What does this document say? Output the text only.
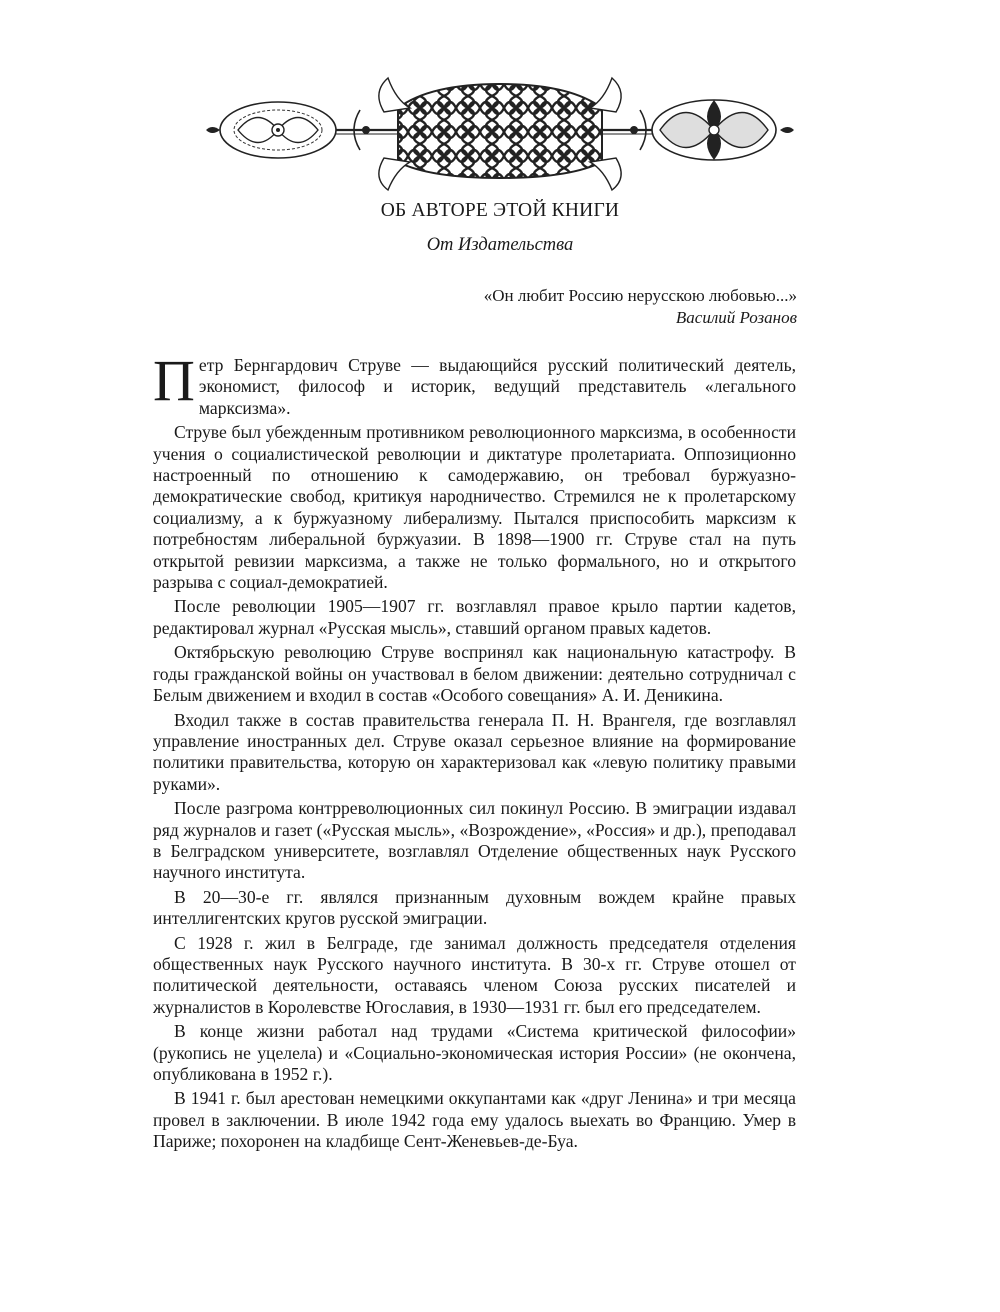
ОБ АВТОРЕ ЭТОЙ КНИГИ
От Издательства
«Он любит Россию нерусскою любовью...»
Василий Розанов

Петр Бернгардович Струве — выдающийся русский политический деятель, экономист, философ и историк, ведущий представитель «легального марксизма».

Струве был убежденным противником революционного марксизма, в особенности учения о социалистической революции и диктатуре пролетариата. Оппозиционно настроенный по отношению к самодержавию, он требовал буржуазно-демократические свобод, критикуя народничество. Стремился не к пролетарскому социализму, а к буржуазному либерализму. Пытался приспособить марксизм к потребностям либеральной буржуазии. В 1898—1900 гг. Струве стал на путь открытой ревизии марксизма, а также не только формального, но и открытого разрыва с социал-демократией.

После революции 1905—1907 гг. возглавлял правое крыло партии кадетов, редактировал журнал «Русская мысль», ставший органом правых кадетов.

Октябрьскую революцию Струве воспринял как национальную катастрофу. В годы гражданской войны он участвовал в белом движении: деятельно сотрудничал с Белым движением и входил в состав «Особого совещания» А. И. Деникина.

Входил также в состав правительства генерала П. Н. Врангеля, где возглавлял управление иностранных дел. Струве оказал серьезное влияние на формирование политики правительства, которую он характеризовал как «левую политику правыми руками».

После разгрома контрреволюционных сил покинул Россию. В эмиграции издавал ряд журналов и газет («Русская мысль», «Возрождение», «Россия» и др.), преподавал в Белградском университете, возглавлял Отделение общественных наук Русского научного института.

В 20—30-е гг. являлся признанным духовным вождем крайне правых интеллигентских кругов русской эмиграции.

С 1928 г. жил в Белграде, где занимал должность председателя отделения общественных наук Русского научного института. В 30-х гг. Струве отошел от политической деятельности, оставаясь членом Союза русских писателей и журналистов в Королевстве Югославия, в 1930—1931 гг. был его председателем.

В конце жизни работал над трудами «Система критической философии» (рукопись не уцелела) и «Социально-экономическая история России» (не окончена, опубликована в 1952 г.).

В 1941 г. был арестован немецкими оккупантами как «друг Ленина» и три месяца провел в заключении. В июле 1942 года ему удалось выехать во Францию. Умер в Париже; похоронен на кладбище Сент-Женевьев-де-Буа.
